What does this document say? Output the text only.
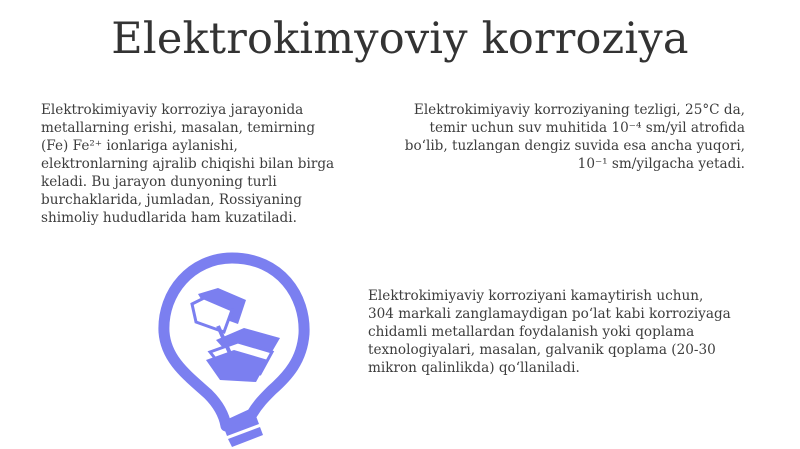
Elektrokimyoviy korroziya

Elektrokimiyaviy korroziya jarayonida
metallarning erishi, masalan, temirning
(Fe) Fe²⁺ ionlariga aylanishi,
elektronlarning ajralib chiqishi bilan birga
keladi. Bu jarayon dunyoning turli
burchaklarida, jumladan, Rossiyaning
shimoliy hududlarida ham kuzatiladi.

Elektrokimiyaviy korroziyaning tezligi, 25°C da,
temir uchun suv muhitida 10⁻⁴ sm/yil atrofida
bo‘lib, tuzlangan dengiz suvida esa ancha yuqori,
10⁻¹ sm/yilgacha yetadi.

Elektrokimiyaviy korroziyani kamaytirish uchun,
304 markali zanglamaydigan po‘lat kabi korroziyaga
chidamli metallardan foydalanish yoki qoplama
texnologiyalari, masalan, galvanik qoplama (20-30
mikron qalinlikda) qo‘llaniladi.
